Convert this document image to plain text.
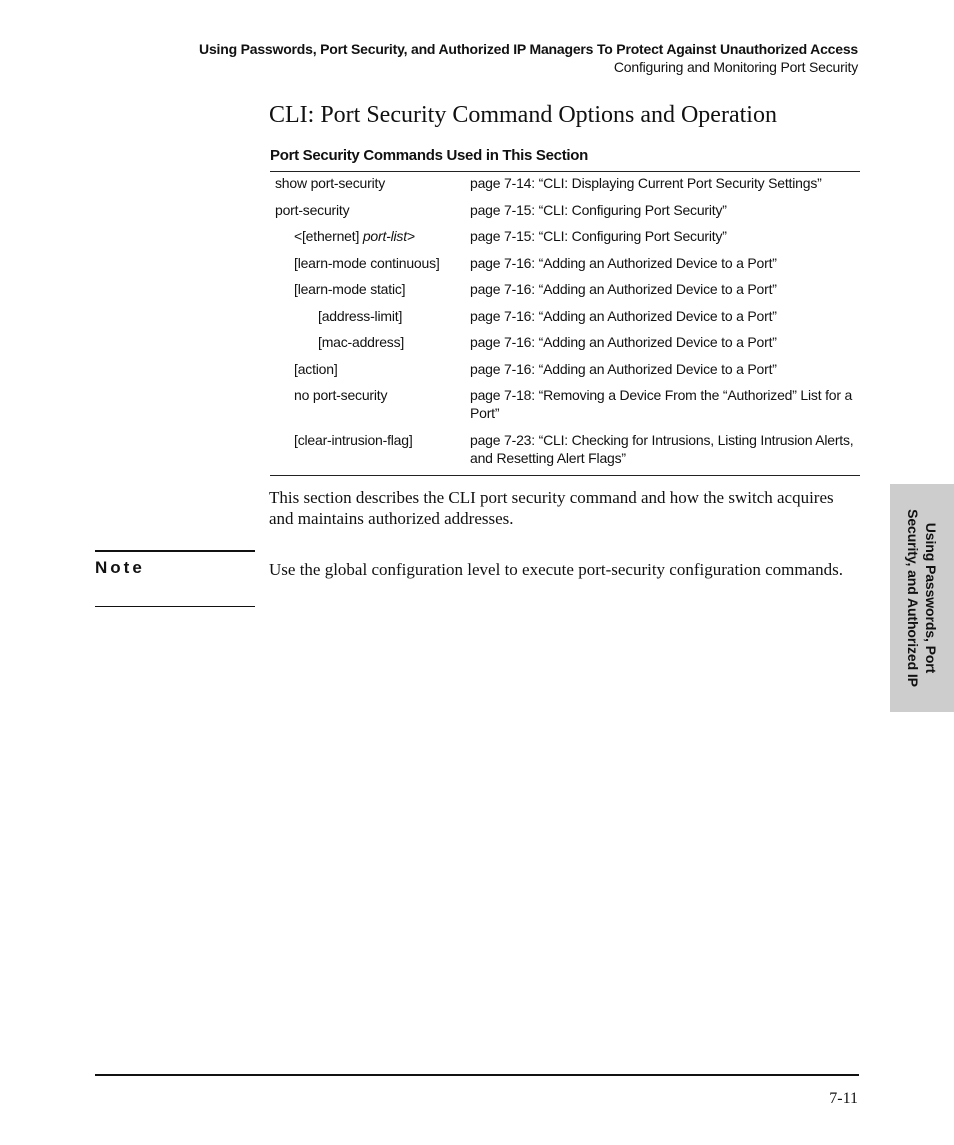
Using Passwords, Port Security, and Authorized IP Managers To Protect Against Unauthorized Access
Configuring and Monitoring Port Security
CLI: Port Security Command Options and Operation
Port Security Commands Used in This Section
show port-security	page 7-14: “CLI: Displaying Current Port Security Settings”
port-security	page 7-15: “CLI: Configuring Port Security”
<[ethernet] port-list>	page 7-15: “CLI: Configuring Port Security”
[learn-mode continuous]	page 7-16: “Adding an Authorized Device to a Port”
[learn-mode static]	page 7-16: “Adding an Authorized Device to a Port”
[address-limit]	page 7-16: “Adding an Authorized Device to a Port”
[mac-address]	page 7-16: “Adding an Authorized Device to a Port”
[action]	page 7-16: “Adding an Authorized Device to a Port”
no port-security	page 7-18: “Removing a Device From the “Authorized” List for a Port”
[clear-intrusion-flag]	page 7-23: “CLI: Checking for Intrusions, Listing Intrusion Alerts, and Resetting Alert Flags”

This section describes the CLI port security command and how the switch acquires and maintains authorized addresses.

Note	Use the global configuration level to execute port-security configuration commands.	Using Passwords, Port Security, and Authorized IP
7-11
